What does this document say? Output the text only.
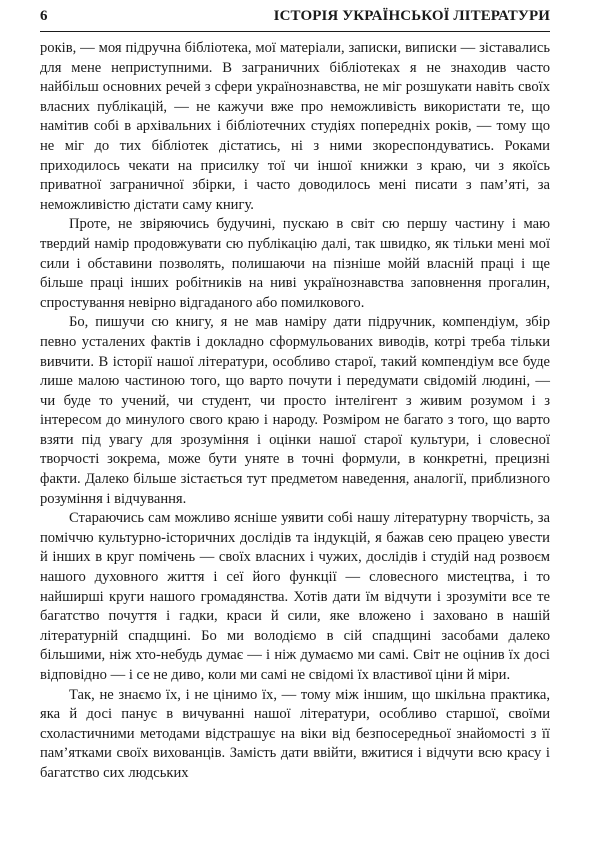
6	ІСТОРІЯ УКРАЇНСЬКОЇ ЛІТЕРАТУРИ

років, — моя підручна бібліотека, мої матеріали, записки, виписки — зіставались для мене неприступними. В заграничних бібліотеках я не знаходив часто найбільш основних речей з сфери українознавства, не міг розшукати навіть своїх власних публікацій, — не кажучи вже про неможливість використати те, що намітив собі в архівальних і бібліотечних студіях попередніх років, — тому що не міг до тих бібліотек дістатись, ні з ними зкореспондуватись. Роками приходилось чекати на присилку тої чи іншої книжки з краю, чи з якоїсь приватної заграничної збірки, і часто доводилось мені писати з пам’яті, за неможливістю дістати саму книгу.

Проте, не звіряючись будучині, пускаю в світ сю першу частину і маю твердий намір продовжувати сю публікацію далі, так швидко, як тільки мені мої сили і обставини позволять, полишаючи на пізніше мойй власній праці і ще більше праці інших робітників на ниві українознавства заповнення прогалин, спростування невірно відгаданого або помилкового.

Бо, пишучи сю книгу, я не мав наміру дати підручник, компендіум, збір певно усталених фактів і докладно сформульованих виводів, котрі треба тільки вивчити. В історії нашої літератури, особливо старої, такий компендіум все буде лише малою частиною того, що варто почути і передумати свідомій людині, — чи буде то учений, чи студент, чи просто інтелігент з живим розумом і з інтересом до минулого свого краю і народу. Розміром не багато з того, що варто взяти під увагу для зрозуміння і оцінки нашої старої культури, і словесної творчості зокрема, може бути уняте в точні формули, в конкретні, прецизні факти. Далеко більше зістається тут предметом наведення, аналогії, приблизного розуміння і відчування.

Стараючись сам можливо ясніше уявити собі нашу літературну творчість, за поміччю культурно-історичних дослідів та індукцій, я бажав сею працею увести й інших в круг помічень — своїх власних і чужих, дослідів і студій над розвоєм нашого духовного життя і сеї його функції — словесного мистецтва, і то найширші круги нашого громадянства. Хотів дати їм відчути і зрозуміти все те багатство почуття і гадки, краси й сили, яке вложено і заховано в нашій літературній спадщині. Бо ми володіємо в сій спадщині засобами далеко більшими, ніж хто-небудь думає — і ніж думаємо ми самі. Світ не оцінив їх досі відповідно — і се не диво, коли ми самі не свідомі їх властивої ціни й міри.

Так, не знаємо їх, і не цінимо їх, — тому між іншим, що шкільна практика, яка й досі панує в вичуванні нашої літератури, особливо старшої, своїми схоластичними методами відстрашує на віки від безпосередньої знайомості з її пам’ятками своїх вихованців. Замість дати ввійти, вжитися і відчути всю красу і багатство сих людських
